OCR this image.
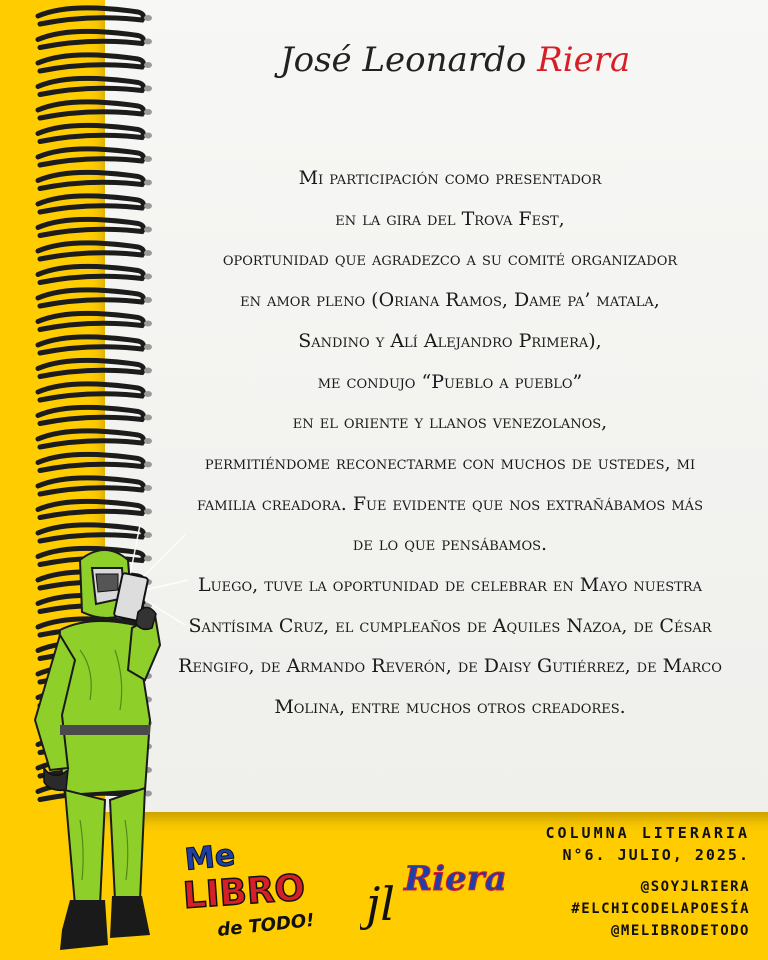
José Leonardo Riera
Mi participación como presentador
en la gira del Trova Fest,
oportunidad que agradezco a su comité organizador
en amor pleno (Oriana Ramos, Dame pa’ matala,
Sandino y Alí Alejandro Primera),
me condujo “Pueblo a pueblo”
en el oriente y llanos venezolanos,
permitiéndome reconectarme con muchos de ustedes, mi
familia creadora. Fue evidente que nos extrañábamos más
de lo que pensábamos.
Luego, tuve la oportunidad de celebrar en Mayo nuestra
Santísima Cruz, el cumpleaños de Aquiles Nazoa, de César
Rengifo, de Armando Reverón, de Daisy Gutiérrez, de Marco
Molina, entre muchos otros creadores.
Me
LIBRO
de TODO! jl Riera
COLUMNA LITERARIA
N°6. JULIO, 2025.
@SOYJLRIERA
#ELCHICODELAPOESÍA
@MELIBRODETODO
